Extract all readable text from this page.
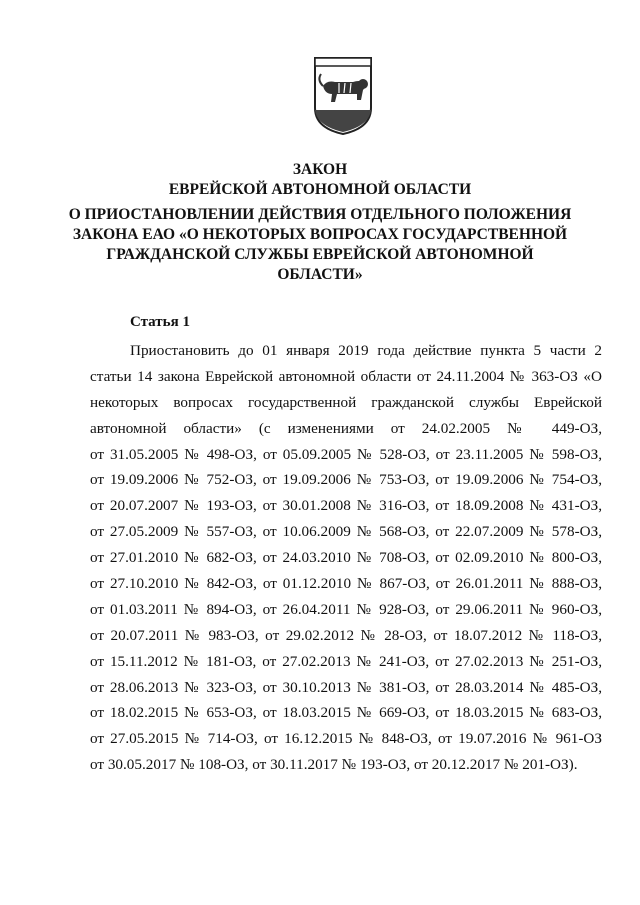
ЗАКОН
ЕВРЕЙСКОЙ АВТОНОМНОЙ ОБЛАСТИ
О ПРИОСТАНОВЛЕНИИ ДЕЙСТВИЯ ОТДЕЛЬНОГО ПОЛОЖЕНИЯ
ЗАКОНА ЕАО «О НЕКОТОРЫХ ВОПРОСАХ ГОСУДАРСТВЕННОЙ
ГРАЖДАНСКОЙ СЛУЖБЫ ЕВРЕЙСКОЙ АВТОНОМНОЙ
ОБЛАСТИ»
Статья 1
Приостановить до 01 января 2019 года действие пункта 5 части 2
статьи 14 закона Еврейской автономной области от 24.11.2004 № 363-ОЗ «О
некоторых вопросах государственной гражданской службы Еврейской
автономной области» (с изменениями от 24.02.2005 № 449-ОЗ,
от 31.05.2005 № 498-ОЗ, от 05.09.2005 № 528-ОЗ, от 23.11.2005 № 598-ОЗ,
от 19.09.2006 № 752-ОЗ, от 19.09.2006 № 753-ОЗ, от 19.09.2006 № 754-ОЗ,
от 20.07.2007 № 193-ОЗ, от 30.01.2008 № 316-ОЗ, от 18.09.2008 № 431-ОЗ,
от 27.05.2009 № 557-ОЗ, от 10.06.2009 № 568-ОЗ, от 22.07.2009 № 578-ОЗ,
от 27.01.2010 № 682-ОЗ, от 24.03.2010 № 708-ОЗ, от 02.09.2010 № 800-ОЗ,
от 27.10.2010 № 842-ОЗ, от 01.12.2010 № 867-ОЗ, от 26.01.2011 № 888-ОЗ,
от 01.03.2011 № 894-ОЗ, от 26.04.2011 № 928-ОЗ, от 29.06.2011 № 960-ОЗ,
от 20.07.2011 № 983-ОЗ, от 29.02.2012 № 28-ОЗ, от 18.07.2012 № 118-ОЗ,
от 15.11.2012 № 181-ОЗ, от 27.02.2013 № 241-ОЗ, от 27.02.2013 № 251-ОЗ,
от 28.06.2013 № 323-ОЗ, от 30.10.2013 № 381-ОЗ, от 28.03.2014 № 485-ОЗ,
от 18.02.2015 № 653-ОЗ, от 18.03.2015 № 669-ОЗ, от 18.03.2015 № 683-ОЗ,
от 27.05.2015 № 714-ОЗ, от 16.12.2015 № 848-ОЗ, от 19.07.2016 № 961-ОЗ
от 30.05.2017 № 108-ОЗ, от 30.11.2017 № 193-ОЗ, от 20.12.2017 № 201-ОЗ).
